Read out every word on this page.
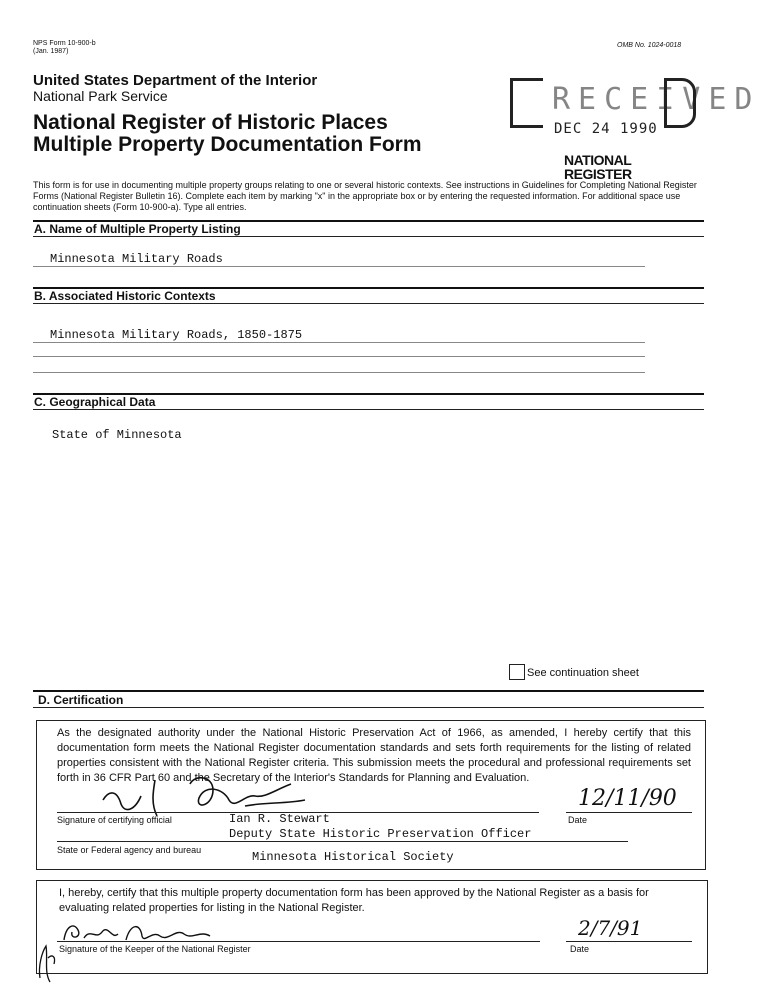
NPS Form 10-900-b
(Jan. 1987)
OMB No. 1024-0018
United States Department of the Interior
National Park Service
National Register of Historic Places
Multiple Property Documentation Form
RECEIVED
DEC 24 1990
NATIONAL
REGISTER
This form is for use in documenting multiple property groups relating to one or several historic contexts. See instructions in Guidelines for Completing National Register Forms (National Register Bulletin 16). Complete each item by marking "x" in the appropriate box or by entering the requested information. For additional space use continuation sheets (Form 10-900-a). Type all entries.
A. Name of Multiple Property Listing
Minnesota Military Roads
B. Associated Historic Contexts
Minnesota Military Roads, 1850-1875
C. Geographical Data
State of Minnesota
See continuation sheet
D. Certification
As the designated authority under the National Historic Preservation Act of 1966, as amended, I hereby certify that this documentation form meets the National Register documentation standards and sets forth requirements for the listing of related properties consistent with the National Register criteria. This submission meets the procedural and professional requirements set forth in 36 CFR Part 60 and the Secretary of the Interior's Standards for Planning and Evaluation.
Ian R. Stewart
Signature of certifying official
12/11/90
Date
Deputy State Historic Preservation Officer
State or Federal agency and bureau	Minnesota Historical Society
I, hereby, certify that this multiple property documentation form has been approved by the National Register as a basis for evaluating related properties for listing in the National Register.
Signature of the Keeper of the National Register
2/7/91
Date
